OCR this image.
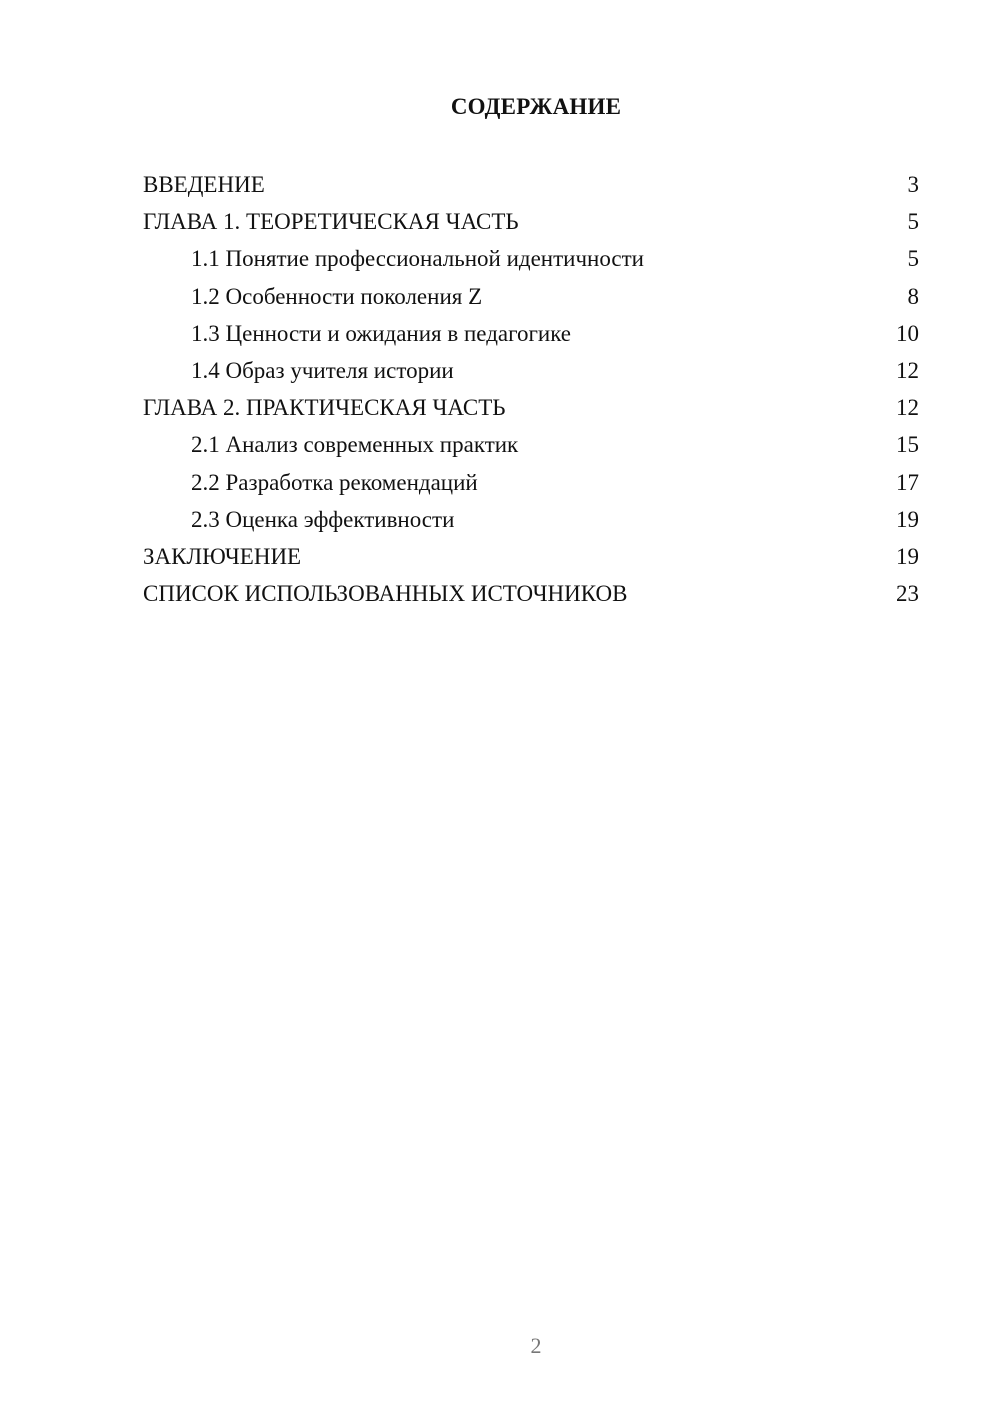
СОДЕРЖАНИЕ
ВВЕДЕНИЕ	3
ГЛАВА 1. ТЕОРЕТИЧЕСКАЯ ЧАСТЬ	5
1.1 Понятие профессиональной идентичности	5
1.2 Особенности поколения Z	8
1.3 Ценности и ожидания в педагогике	10
1.4 Образ учителя истории	12
ГЛАВА 2. ПРАКТИЧЕСКАЯ ЧАСТЬ	12
2.1 Анализ современных практик	15
2.2 Разработка рекомендаций	17
2.3 Оценка эффективности	19
ЗАКЛЮЧЕНИЕ	19
СПИСОК ИСПОЛЬЗОВАННЫХ ИСТОЧНИКОВ	23
2
